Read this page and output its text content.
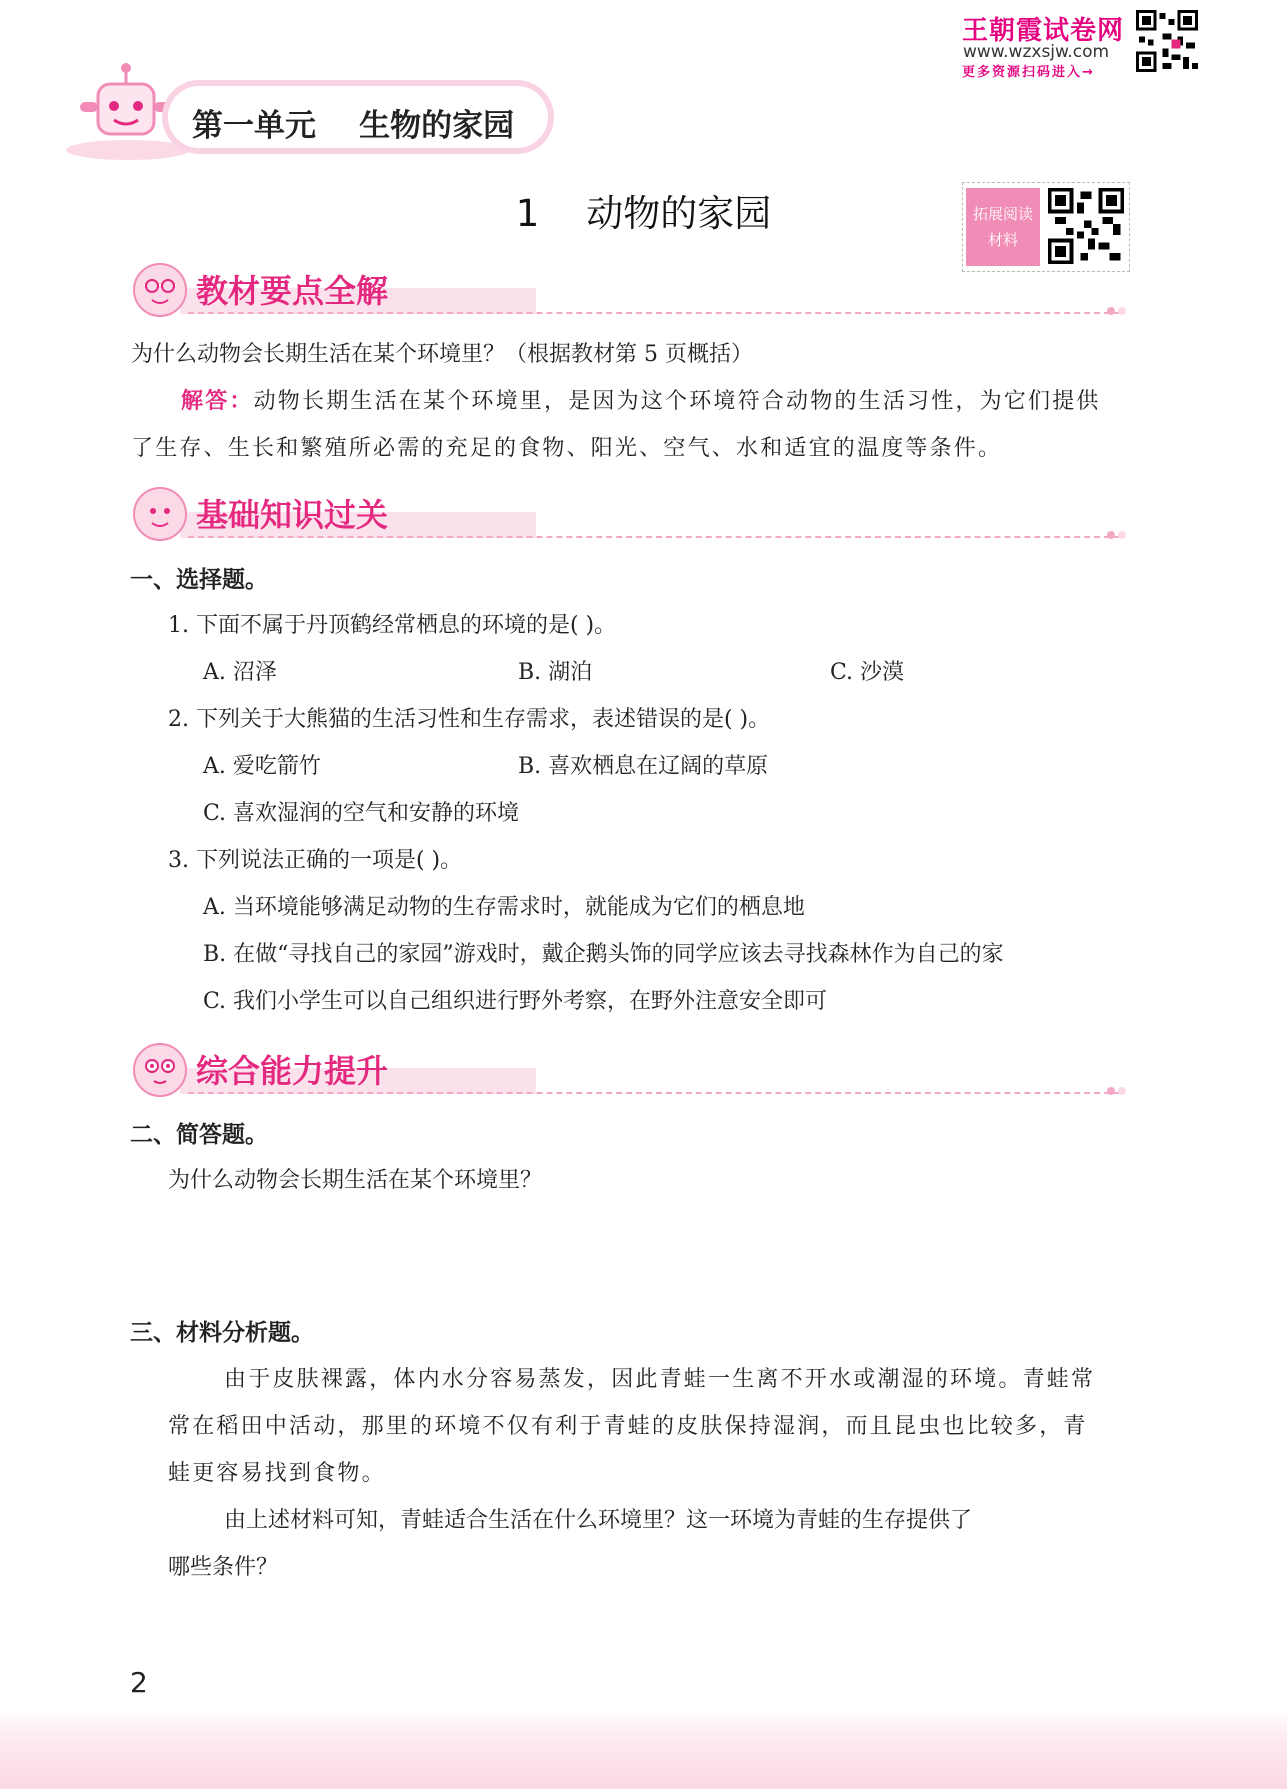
第一单元    生物的家园
王朝霞试卷网
www.wzxsjw.com
更多资源扫码进入→
1    动物的家园	拓展阅读
材料
教材要点全解
为什么动物会长期生活在某个环境里？（根据教材第 5 页概括）
解答：动物长期生活在某个环境里，是因为这个环境符合动物的生活习性，为它们提供
了生存、生长和繁殖所必需的充足的食物、阳光、空气、水和适宜的温度等条件。
基础知识过关
一、选择题。
1. 下面不属于丹顶鹤经常栖息的环境的是( )。
A. 沼泽	B. 湖泊	C. 沙漠
2. 下列关于大熊猫的生活习性和生存需求，表述错误的是( )。
A. 爱吃箭竹	B. 喜欢栖息在辽阔的草原
C. 喜欢湿润的空气和安静的环境
3. 下列说法正确的一项是( )。
A. 当环境能够满足动物的生存需求时，就能成为它们的栖息地
B. 在做“寻找自己的家园”游戏时，戴企鹅头饰的同学应该去寻找森林作为自己的家
C. 我们小学生可以自己组织进行野外考察，在野外注意安全即可
综合能力提升
二、简答题。
为什么动物会长期生活在某个环境里？
三、材料分析题。
由于皮肤裸露，体内水分容易蒸发，因此青蛙一生离不开水或潮湿的环境。青蛙常
常在稻田中活动，那里的环境不仅有利于青蛙的皮肤保持湿润，而且昆虫也比较多，青
蛙更容易找到食物。
由上述材料可知，青蛙适合生活在什么环境里？这一环境为青蛙的生存提供了
哪些条件？
2
